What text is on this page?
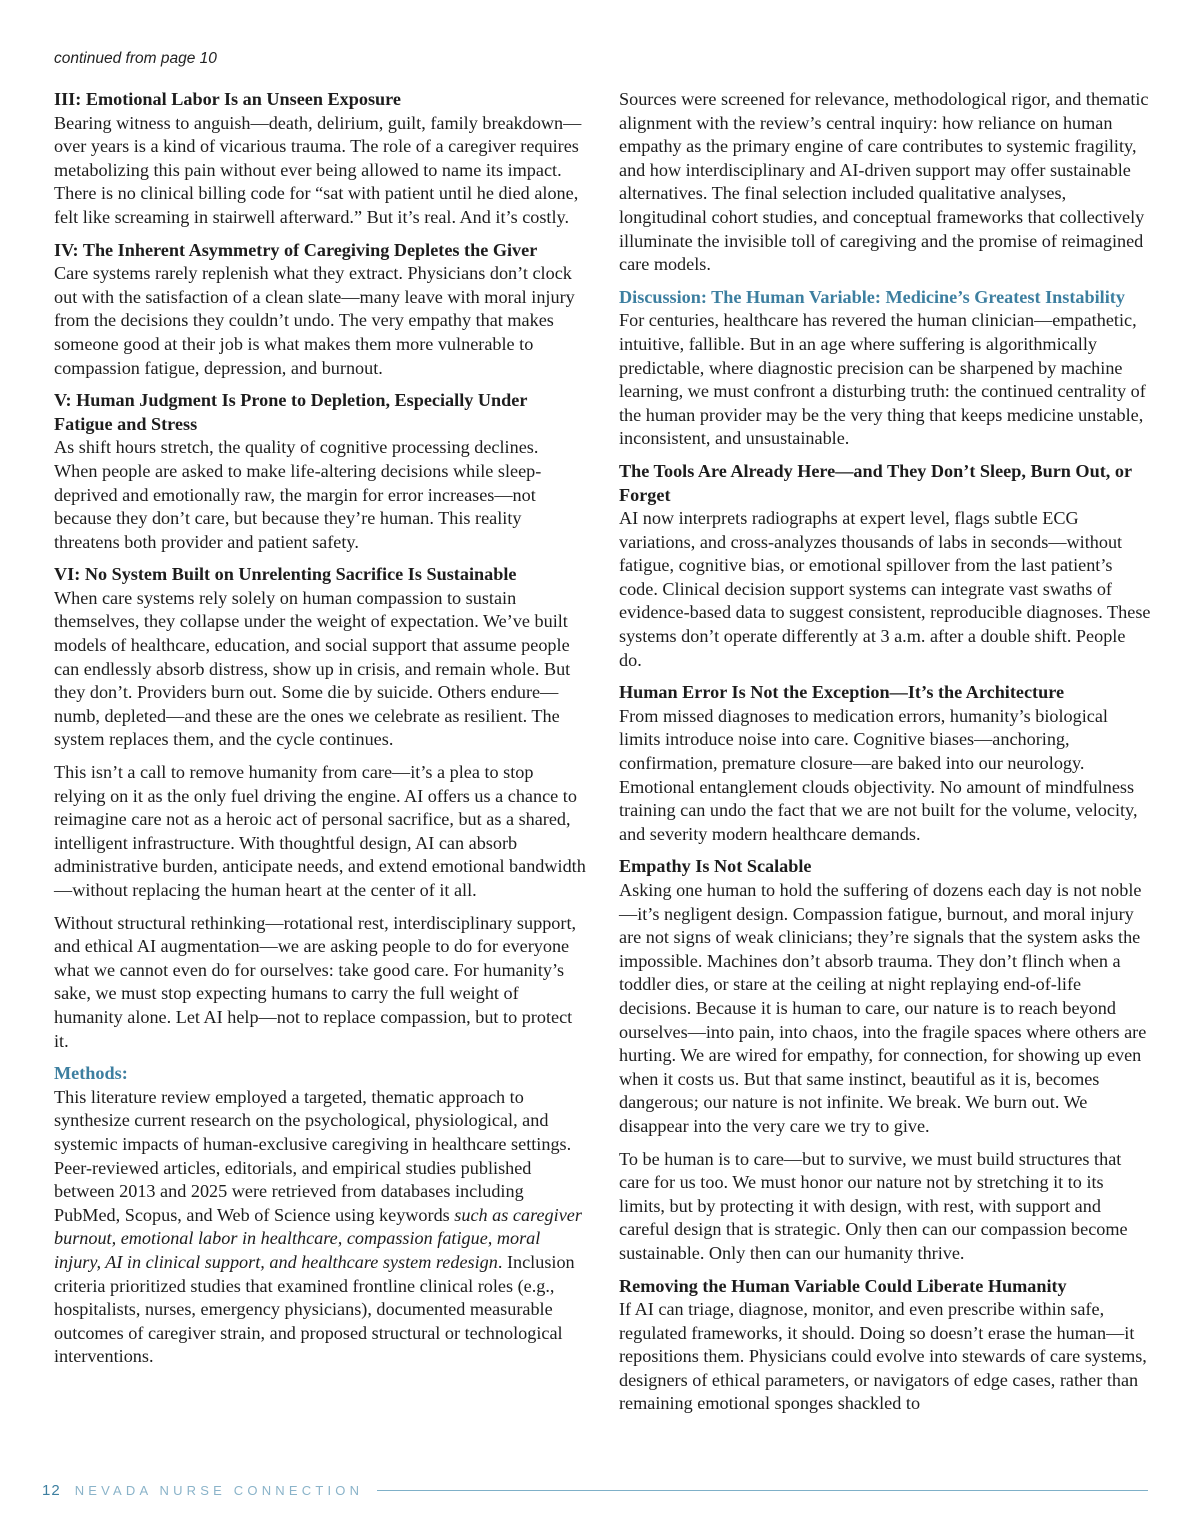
continued from page 10

III: Emotional Labor Is an Unseen Exposure
Bearing witness to anguish—death, delirium, guilt, family breakdown—over years is a kind of vicarious trauma. The role of a caregiver requires metabolizing this pain without ever being allowed to name its impact. There is no clinical billing code for “sat with patient until he died alone, felt like screaming in stairwell afterward.” But it’s real. And it’s costly.

IV: The Inherent Asymmetry of Caregiving Depletes the Giver
Care systems rarely replenish what they extract. Physicians don’t clock out with the satisfaction of a clean slate—many leave with moral injury from the decisions they couldn’t undo. The very empathy that makes someone good at their job is what makes them more vulnerable to compassion fatigue, depression, and burnout.

V: Human Judgment Is Prone to Depletion, Especially Under Fatigue and Stress
As shift hours stretch, the quality of cognitive processing declines. When people are asked to make life-altering decisions while sleep-deprived and emotionally raw, the margin for error increases—not because they don’t care, but because they’re human. This reality threatens both provider and patient safety.

VI: No System Built on Unrelenting Sacrifice Is Sustainable
When care systems rely solely on human compassion to sustain themselves, they collapse under the weight of expectation. We’ve built models of healthcare, education, and social support that assume people can endlessly absorb distress, show up in crisis, and remain whole. But they don’t. Providers burn out. Some die by suicide. Others endure—numb, depleted—and these are the ones we celebrate as resilient. The system replaces them, and the cycle continues.

This isn’t a call to remove humanity from care—it’s a plea to stop relying on it as the only fuel driving the engine. AI offers us a chance to reimagine care not as a heroic act of personal sacrifice, but as a shared, intelligent infrastructure. With thoughtful design, AI can absorb administrative burden, anticipate needs, and extend emotional bandwidth—without replacing the human heart at the center of it all.

Without structural rethinking—rotational rest, interdisciplinary support, and ethical AI augmentation—we are asking people to do for everyone what we cannot even do for ourselves: take good care. For humanity’s sake, we must stop expecting humans to carry the full weight of humanity alone. Let AI help—not to replace compassion, but to protect it.

Methods:
This literature review employed a targeted, thematic approach to synthesize current research on the psychological, physiological, and systemic impacts of human-exclusive caregiving in healthcare settings. Peer-reviewed articles, editorials, and empirical studies published between 2013 and 2025 were retrieved from databases including PubMed, Scopus, and Web of Science using keywords such as caregiver burnout, emotional labor in healthcare, compassion fatigue, moral injury, AI in clinical support, and healthcare system redesign. Inclusion criteria prioritized studies that examined frontline clinical roles (e.g., hospitalists, nurses, emergency physicians), documented measurable outcomes of caregiver strain, and proposed structural or technological interventions.

Sources were screened for relevance, methodological rigor, and thematic alignment with the review’s central inquiry: how reliance on human empathy as the primary engine of care contributes to systemic fragility, and how interdisciplinary and AI-driven support may offer sustainable alternatives. The final selection included qualitative analyses, longitudinal cohort studies, and conceptual frameworks that collectively illuminate the invisible toll of caregiving and the promise of reimagined care models.

Discussion: The Human Variable: Medicine’s Greatest Instability
For centuries, healthcare has revered the human clinician—empathetic, intuitive, fallible. But in an age where suffering is algorithmically predictable, where diagnostic precision can be sharpened by machine learning, we must confront a disturbing truth: the continued centrality of the human provider may be the very thing that keeps medicine unstable, inconsistent, and unsustainable.

The Tools Are Already Here—and They Don’t Sleep, Burn Out, or Forget
AI now interprets radiographs at expert level, flags subtle ECG variations, and cross-analyzes thousands of labs in seconds—without fatigue, cognitive bias, or emotional spillover from the last patient’s code. Clinical decision support systems can integrate vast swaths of evidence-based data to suggest consistent, reproducible diagnoses. These systems don’t operate differently at 3 a.m. after a double shift. People do.

Human Error Is Not the Exception—It’s the Architecture
From missed diagnoses to medication errors, humanity’s biological limits introduce noise into care. Cognitive biases—anchoring, confirmation, premature closure—are baked into our neurology. Emotional entanglement clouds objectivity. No amount of mindfulness training can undo the fact that we are not built for the volume, velocity, and severity modern healthcare demands.

Empathy Is Not Scalable
Asking one human to hold the suffering of dozens each day is not noble—it’s negligent design. Compassion fatigue, burnout, and moral injury are not signs of weak clinicians; they’re signals that the system asks the impossible. Machines don’t absorb trauma. They don’t flinch when a toddler dies, or stare at the ceiling at night replaying end-of-life decisions. Because it is human to care, our nature is to reach beyond ourselves—into pain, into chaos, into the fragile spaces where others are hurting. We are wired for empathy, for connection, for showing up even when it costs us. But that same instinct, beautiful as it is, becomes dangerous; our nature is not infinite. We break. We burn out. We disappear into the very care we try to give.

To be human is to care—but to survive, we must build structures that care for us too. We must honor our nature not by stretching it to its limits, but by protecting it with design, with rest, with support and careful design that is strategic. Only then can our compassion become sustainable. Only then can our humanity thrive.

Removing the Human Variable Could Liberate Humanity
If AI can triage, diagnose, monitor, and even prescribe within safe, regulated frameworks, it should. Doing so doesn’t erase the human—it repositions them. Physicians could evolve into stewards of care systems, designers of ethical parameters, or navigators of edge cases, rather than remaining emotional sponges shackled to

12 NEVADA NURSE CONNECTION
